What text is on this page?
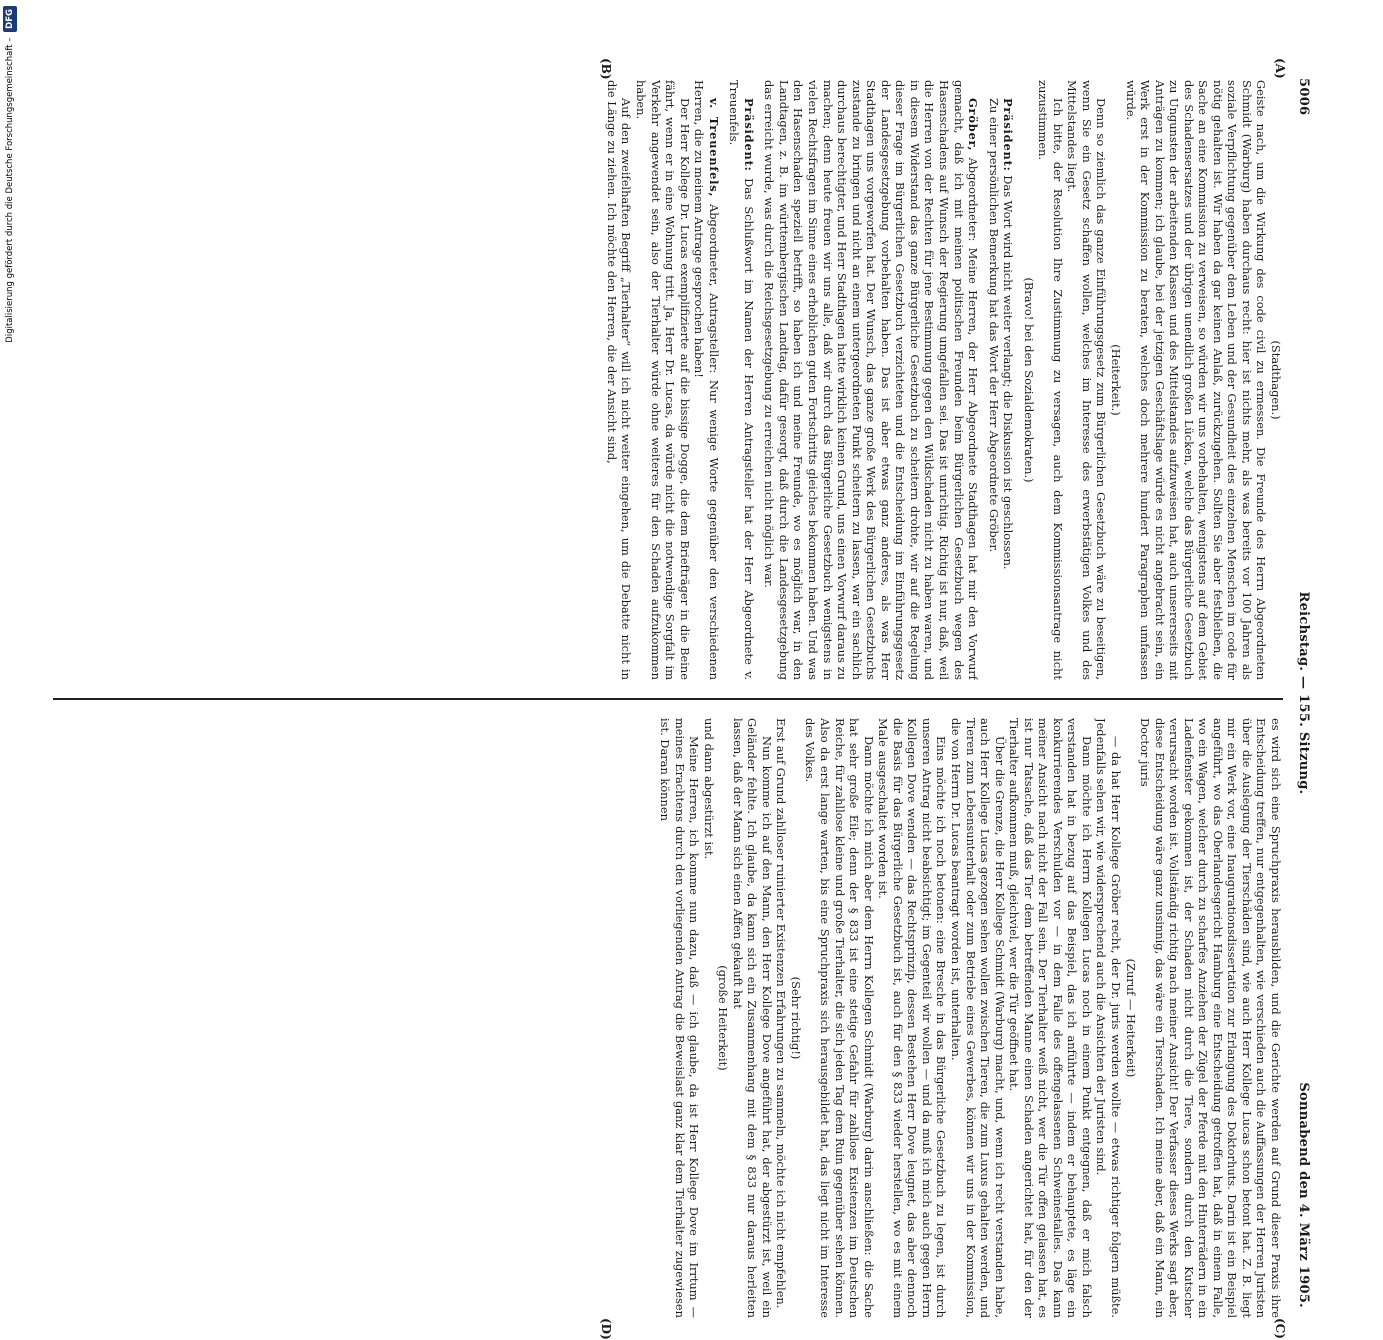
5006
Reichstag. — 155. Sitzung.
Sonnabend den 4. März 1905.
(A)
(B)

(Stadthagen.)

Geiste nach, um die Wirkung des code civil zu ermessen. Die Freunde des Herrn Abgeordneten Schmidt (Warburg) haben durchaus recht: hier ist nichts mehr, als was bereits vor 100 Jahren als soziale Verpflichtung gegenüber dem Leben und der Gesundheit des einzelnen Menschen im code für nötig gehalten ist. Wir haben da gar keinen Anlaß, zurückzugehen. Sollten Sie aber festbleiben, die Sache an eine Kommission zu verweisen, so würden wir uns vorbehalten, wenigstens auf dem Gebiet des Schadensersatzes und der übrigen unendlich großen Lücken, welche das Bürgerliche Gesetzbuch zu Ungunsten der arbeitenden Klassen und des Mittelstandes aufzuweisen hat, auch unsererseits mit Anträgen zu kommen; ich glaube, bei der jetzigen Geschäftslage würde es nicht angebracht sein, ein Werk erst in der Kommission zu beraten, welches doch mehrere hundert Paragraphen umfassen würde.

(Heiterkeit.)

Denn so ziemlich das ganze Einführungsgesetz zum Bürgerlichen Gesetzbuch wäre zu beseitigen, wenn Sie ein Gesetz schaffen wollen, welches im Interesse des erwerbstätigen Volkes und des Mittelstandes liegt.

Ich bitte, der Resolution Ihre Zustimmung zu versagen, auch dem Kommissionsantrage nicht zuzustimmen.

(Bravo! bei den Sozialdemokraten.)

Präsident: Das Wort wird nicht weiter verlangt; die Diskussion ist geschlossen.

Zu einer persönlichen Bemerkung hat das Wort der Herr Abgeordnete Gröber.

Gröber, Abgeordneter: Meine Herren, der Herr Abgeordnete Stadthagen hat mir den Vorwurf gemacht, daß ich mit meinen politischen Freunden beim Bürgerlichen Gesetzbuch wegen des Hasenschadens auf Wunsch der Regierung umgefallen sei. Das ist unrichtig. Richtig ist nur, daß, weil die Herren von der Rechten für jene Bestimmung gegen den Wildschaden nicht zu haben waren, und in diesem Widerstand das ganze Bürgerliche Gesetzbuch zu scheitern drohte, wir auf die Regelung dieser Frage im Bürgerlichen Gesetzbuch verzichteten und die Entscheidung im Einführungsgesetz der Landesgesetzgebung vorbehalten haben. Das ist aber etwas ganz anderes, als was Herr Stadthagen uns vorgeworfen hat. Der Wunsch, das ganze große Werk des Bürgerlichen Gesetzbuchs zustande zu bringen und nicht an einem untergeordneten Punkt scheitern zu lassen, war ein sachlich durchaus berechtigter, und Herr Stadthagen hatte wirklich keinen Grund, uns einen Vorwurf daraus zu machen; denn heute freuen wir uns alle, daß wir durch das Bürgerliche Gesetzbuch wenigstens in vielen Rechtsfragen im Sinne eines erheblichen guten Fortschritts gleiches bekommen haben. Und was den Hasenschaden speziell betrifft, so haben ich und meine Freunde, wo es möglich war, in den Landtagen, z. B. im württembergischen Landtag, dafür gesorgt, daß durch die Landesgesetzgebung das erreicht wurde, was durch die Reichsgesetzgebung zu erreichen nicht möglich war.

Präsident: Das Schlußwort im Namen der Herren Antragsteller hat der Herr Abgeordnete v. Treuenfels.

v. Treuenfels, Abgeordneter, Antragsteller: Nur wenige Worte gegenüber den verschiedenen Herren, die zu meinem Antrage gesprochen haben!

Der Herr Kollege Dr. Lucas exemplifizierte auf die bissige Dogge, die dem Briefträger in die Beine fährt, wenn er in eine Wohnung tritt. Ja, Herr Dr. Lucas, da würde nicht die notwendige Sorgfalt im Verkehr angewendet sein, also der Tierhalter würde ohne weiteres für den Schaden aufzukommen haben.

Auf den zweifelhaften Begriff „Tierhalter“ will ich nicht weiter eingehen, um die Debatte nicht in die Länge zu ziehen. Ich möchte den Herren, die der Ansicht sind,

es wird sich eine Spruchpraxis herausbilden, und die Gerichte werden auf Grund dieser Praxis ihre Entscheidung treffen, nur entgegenhalten, wie verschieden auch die Auffassungen der Herren Juristen über die Auslegung der Tierschäden sind, wie auch Herr Kollege Lucas schon betont hat. Z. B. liegt mir ein Werk vor, eine Inaugurationsdissertation zur Erlangung des Doktorhuts. Darin ist ein Beispiel angeführt, wo das Oberlandesgericht Hamburg eine Entscheidung getroffen hat, daß in einem Falle, wo ein Wagen, welcher durch zu scharfes Anziehen der Zügel der Pferde mit den Hinterrädern in ein Ladenfenster gekommen ist, der Schaden nicht durch die Tiere, sondern durch den Kutscher verursacht worden ist. Vollständig richtig nach meiner Ansicht! Der Verfasser dieses Werks sagt aber, diese Entscheidung wäre ganz unsinnig, das wäre ein Tierschaden. Ich meine aber, daß ein Mann, ein Doctor juris

(Zuruf — Heiterkeit)

— da hat Herr Kollege Gröber recht, der Dr. juris werden wollte — etwas richtiger folgern müßte. Jedenfalls sehen wir, wie widersprechend auch die Ansichten der Juristen sind.

Dann möchte ich Herrn Kollegen Lucas noch in einem Punkt entgegnen, daß er mich falsch verstanden hat in bezug auf das Beispiel, das ich anführte — indem er behauptete, es läge ein konkurrierendes Verschulden vor — in dem Falle des offengelassenen Schweinestalles. Das kann meiner Ansicht nach nicht der Fall sein. Der Tierhalter weiß nicht, wer die Tür offen gelassen hat, es ist nur Tatsache, daß das Tier dem betreffenden Manne einen Schaden angerichtet hat, für den der Tierhalter aufkommen muß, gleichviel, wer die Tür geöffnet hat.

Über die Grenze, die Herr Kollege Schmidt (Warburg) macht, und, wenn ich recht verstanden habe, auch Herr Kollege Lucas gezogen sehen wollen zwischen Tieren, die zum Luxus gehalten werden, und Tieren zum Lebensunterhalt oder zum Betriebe eines Gewerbes, können wir uns in der Kommission, die von Herrn Dr. Lucas beantragt worden ist, unterhalten.

Eins möchte ich noch betonen: eine Bresche in das Bürgerliche Gesetzbuch zu legen, ist durch unseren Antrag nicht beabsichtigt; im Gegenteil wir wollen — und da muß ich mich auch gegen Herrn Kollegen Dove wenden — das Rechtsprinzip, dessen Bestehen Herr Dove leugnet, das aber dennoch die Basis für das Bürgerliche Gesetzbuch ist, auch für den § 833 wieder herstellen, wo es mit einem Male ausgeschaltet worden ist.

Dann möchte ich mich aber dem Herrn Kollegen Schmidt (Warburg) darin anschließen: die Sache hat sehr große Eile; denn der § 833 ist eine stetige Gefahr für zahllose Existenzen im Deutschen Reiche, für zahllose kleine und große Tierhalter, die sich jeden Tag dem Ruin gegenüber sehen können. Also da erst lange warten, bis eine Spruchpraxis sich herausgebildet hat, das liegt nicht im Interesse des Volkes.

(Sehr richtig!)

Erst auf Grund zahlloser ruinierter Existenzen Erfahrungen zu sammeln, möchte ich nicht empfehlen.

Nun komme ich auf den Mann, den Herr Kollege Dove angeführt hat, der abgestürzt ist, weil ein Geländer fehlte. Ich glaube, da kann sich ein Zusammenhang mit dem § 833 nur daraus herleiten lassen, daß der Mann sich einen Affen gekauft hat

(große Heiterkeit)

und dann abgestürzt ist.

Meine Herren, ich komme nun dazu, daß — ich glaube, da ist Herr Kollege Dove im Irrtum — meines Erachtens durch den vorliegenden Antrag die Beweislast ganz klar dem Tierhalter zugewiesen ist. Daran können

(C)
(D)
Digitalisierung gefördert durch die Deutsche Forschungsgemeinschaft – DFG
